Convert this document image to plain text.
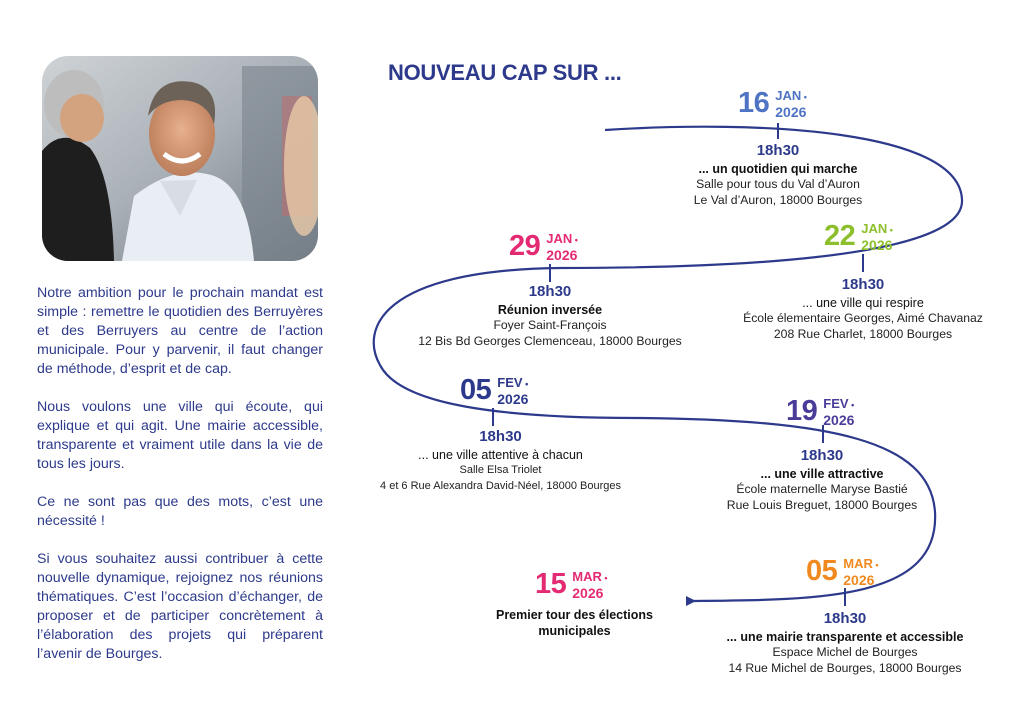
Notre ambition pour le prochain mandat est simple : remettre le quotidien des Berruyères et des Berruyers au centre de l’action municipale. Pour y parvenir, il faut changer de méthode, d’esprit et de cap.

Nous voulons une ville qui écoute, qui explique et qui agit. Une mairie accessible, transparente et vraiment utile dans la vie de tous les jours.

Ce ne sont pas que des mots, c’est une nécessité !

Si vous souhaitez aussi contribuer à cette nouvelle dynamique, rejoignez nos réunions thématiques. C’est l’occasion d’échanger, de proposer et de participer concrètement à l’élaboration des projets qui préparent l’avenir de Bourges.

NOUVEAU CAP SUR ...
16 JAN •
2026
18h30
... un quotidien qui marche
Salle pour tous du Val d’Auron
Le Val d’Auron, 18000 Bourges
22 JAN •
2026
18h30
... une ville qui respire
École élementaire Georges, Aimé Chavanaz
208 Rue Charlet, 18000 Bourges
29 JAN •
2026
18h30
Réunion inversée
Foyer Saint-François
12 Bis Bd Georges Clemenceau, 18000 Bourges
05 FEV •
2026
18h30
... une ville attentive à chacun
Salle Elsa Triolet
4 et 6 Rue Alexandra David-Néel, 18000 Bourges
19 FEV •
2026
18h30
... une ville attractive
École maternelle Maryse Bastié
Rue Louis Breguet, 18000 Bourges
05 MAR •
2026
18h30
... une mairie transparente et accessible
Espace Michel de Bourges
14 Rue Michel de Bourges, 18000 Bourges
15 MAR •
2026
Premier tour des élections municipales
